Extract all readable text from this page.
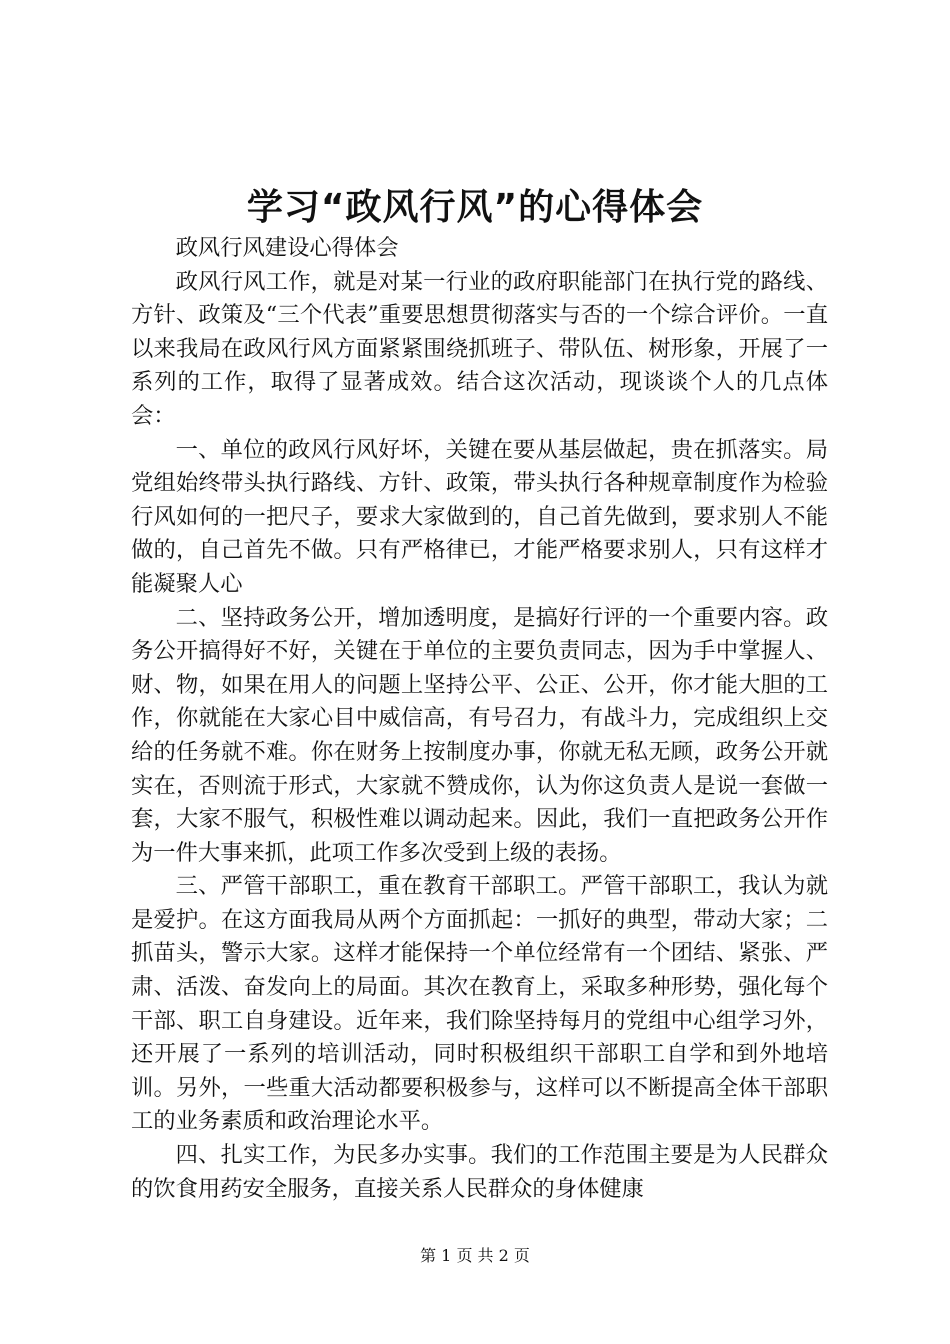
学习“政风行风”的心得体会

政风行风建设心得体会

政风行风工作，就是对某一行业的政府职能部门在执行党的路线、方针、政策及“三个代表”重要思想贯彻落实与否的一个综合评价。一直以来我局在政风行风方面紧紧围绕抓班子、带队伍、树形象，开展了一系列的工作，取得了显著成效。结合这次活动，现谈谈个人的几点体会：

一、单位的政风行风好坏，关键在要从基层做起，贵在抓落实。局党组始终带头执行路线、方针、政策，带头执行各种规章制度作为检验行风如何的一把尺子，要求大家做到的，自己首先做到，要求别人不能做的，自己首先不做。只有严格律已，才能严格要求别人，只有这样才能凝聚人心

二、坚持政务公开，增加透明度，是搞好行评的一个重要内容。政务公开搞得好不好，关键在于单位的主要负责同志，因为手中掌握人、财、物，如果在用人的问题上坚持公平、公正、公开，你才能大胆的工作，你就能在大家心目中威信高，有号召力，有战斗力，完成组织上交给的任务就不难。你在财务上按制度办事，你就无私无顾，政务公开就实在，否则流于形式，大家就不赞成你，认为你这负责人是说一套做一套，大家不服气，积极性难以调动起来。因此，我们一直把政务公开作为一件大事来抓，此项工作多次受到上级的表扬。

三、严管干部职工，重在教育干部职工。严管干部职工，我认为就是爱护。在这方面我局从两个方面抓起：一抓好的典型，带动大家；二抓苗头，警示大家。这样才能保持一个单位经常有一个团结、紧张、严肃、活泼、奋发向上的局面。其次在教育上，采取多种形势，强化每个干部、职工自身建设。近年来，我们除坚持每月的党组中心组学习外，还开展了一系列的培训活动，同时积极组织干部职工自学和到外地培训。另外，一些重大活动都要积极参与，这样可以不断提高全体干部职工的业务素质和政治理论水平。

四、扎实工作，为民多办实事。我们的工作范围主要是为人民群众的饮食用药安全服务，直接关系人民群众的身体健康

第 1 页 共 2 页
